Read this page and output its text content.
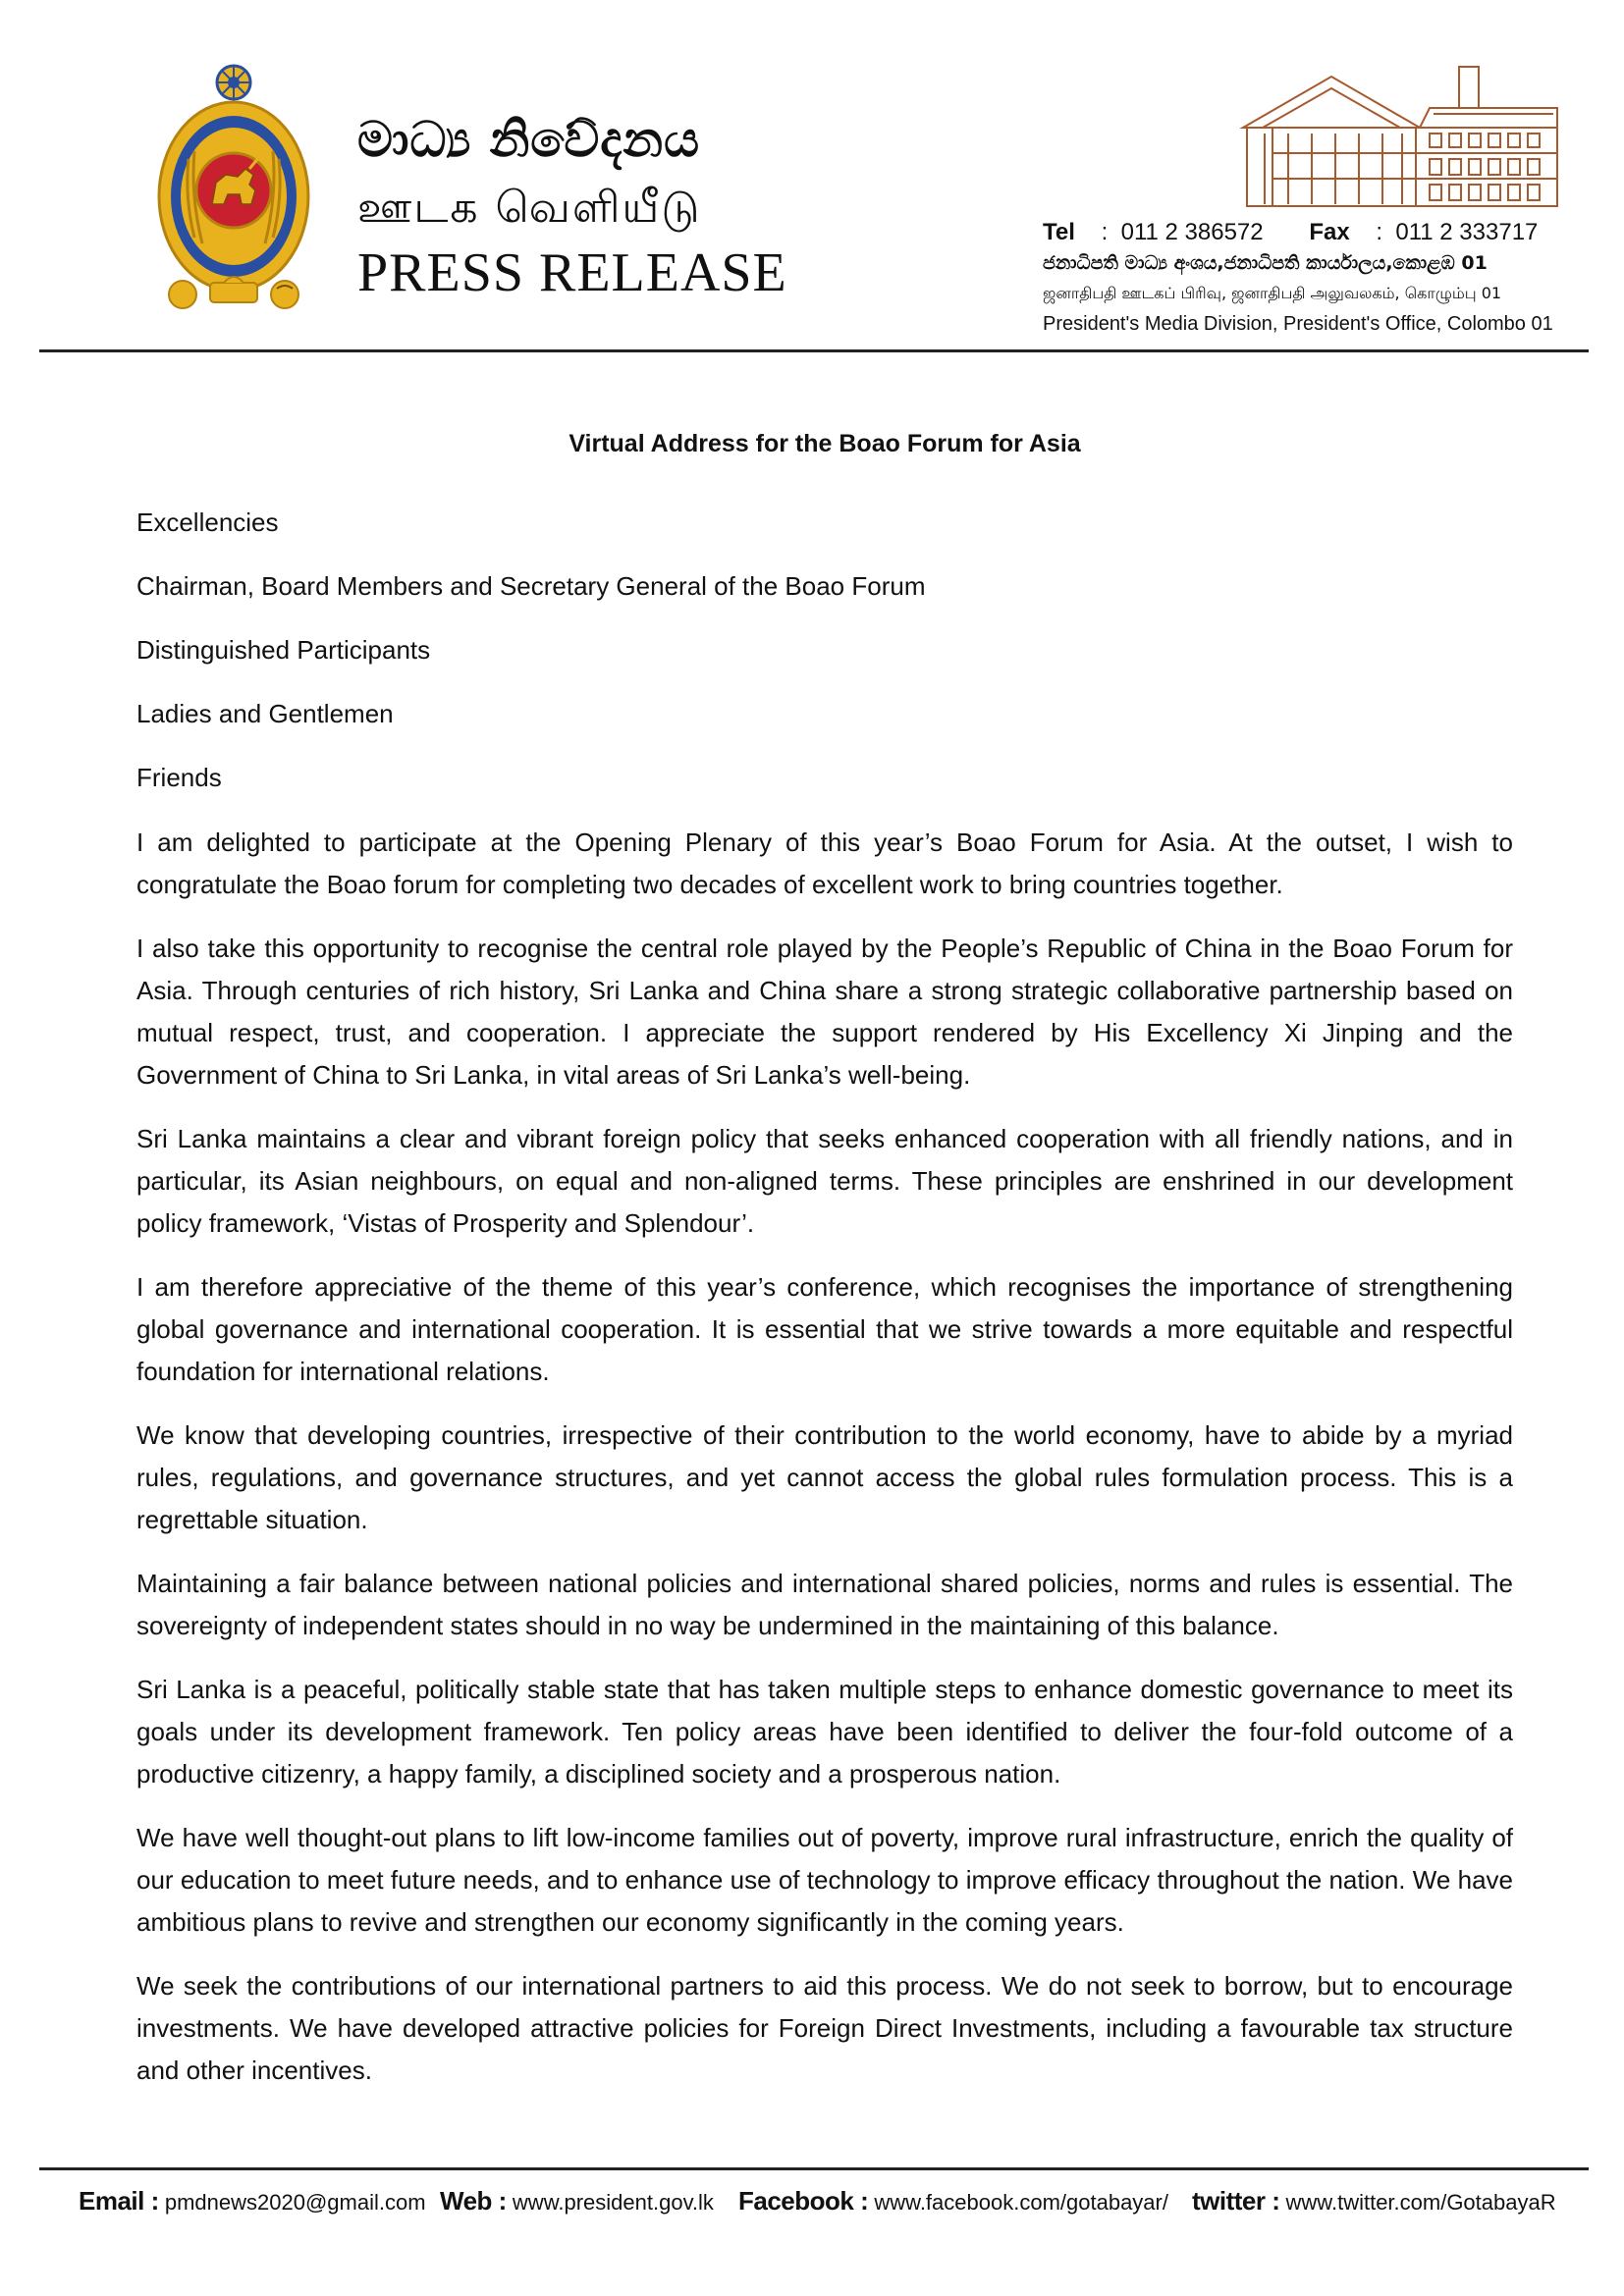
මාධ්‍ය නිවේදනය
ஊடக வெளியீடு
PRESS RELEASE
Tel    :  011 2 386572 Fax    :  011 2 333717
ජනාධිපති මාධ්‍ය අංශය,ජනාධිපති කාර්යාලය,කොළඹ 01
ஜனாதிபதி ஊடகப் பிரிவு, ஜனாதிபதி அலுவலகம், கொழும்பு 01
President's Media Division, President's Office, Colombo 01
Virtual Address for the Boao Forum for Asia
Excellencies
Chairman, Board Members and Secretary General of the Boao Forum
Distinguished Participants
Ladies and Gentlemen
Friends

I am delighted to participate at the Opening Plenary of this year’s Boao Forum for Asia. At the outset, I wish to congratulate the Boao forum for completing two decades of excellent work to bring countries together.

I also take this opportunity to recognise the central role played by the People’s Republic of China in the Boao Forum for Asia. Through centuries of rich history, Sri Lanka and China share a strong strategic collaborative partnership based on mutual respect, trust, and cooperation. I appreciate the support rendered by His Excellency Xi Jinping and the Government of China to Sri Lanka, in vital areas of Sri Lanka’s well-being.

Sri Lanka maintains a clear and vibrant foreign policy that seeks enhanced cooperation with all friendly nations, and in particular, its Asian neighbours, on equal and non-aligned terms. These principles are enshrined in our development policy framework, ‘Vistas of Prosperity and Splendour’.

I am therefore appreciative of the theme of this year’s conference, which recognises the importance of strengthening global governance and international cooperation. It is essential that we strive towards a more equitable and respectful foundation for international relations.

We know that developing countries, irrespective of their contribution to the world economy, have to abide by a myriad rules, regulations, and governance structures, and yet cannot access the global rules formulation process. This is a regrettable situation.

Maintaining a fair balance between national policies and international shared policies, norms and rules is essential. The sovereignty of independent states should in no way be undermined in the maintaining of this balance.

Sri Lanka is a peaceful, politically stable state that has taken multiple steps to enhance domestic governance to meet its goals under its development framework. Ten policy areas have been identified to deliver the four-fold outcome of a productive citizenry, a happy family, a disciplined society and a prosperous nation.

We have well thought-out plans to lift low-income families out of poverty, improve rural infrastructure, enrich the quality of our education to meet future needs, and to enhance use of technology to improve efficacy throughout the nation. We have ambitious plans to revive and strengthen our economy significantly in the coming years.

We seek the contributions of our international partners to aid this process. We do not seek to borrow, but to encourage investments. We have developed attractive policies for Foreign Direct Investments, including a favourable tax structure and other incentives.

Email : pmdnews2020@gmail.com Web : www.president.gov.lk Facebook : www.facebook.com/gotabayar/ twitter : www.twitter.com/GotabayaR
